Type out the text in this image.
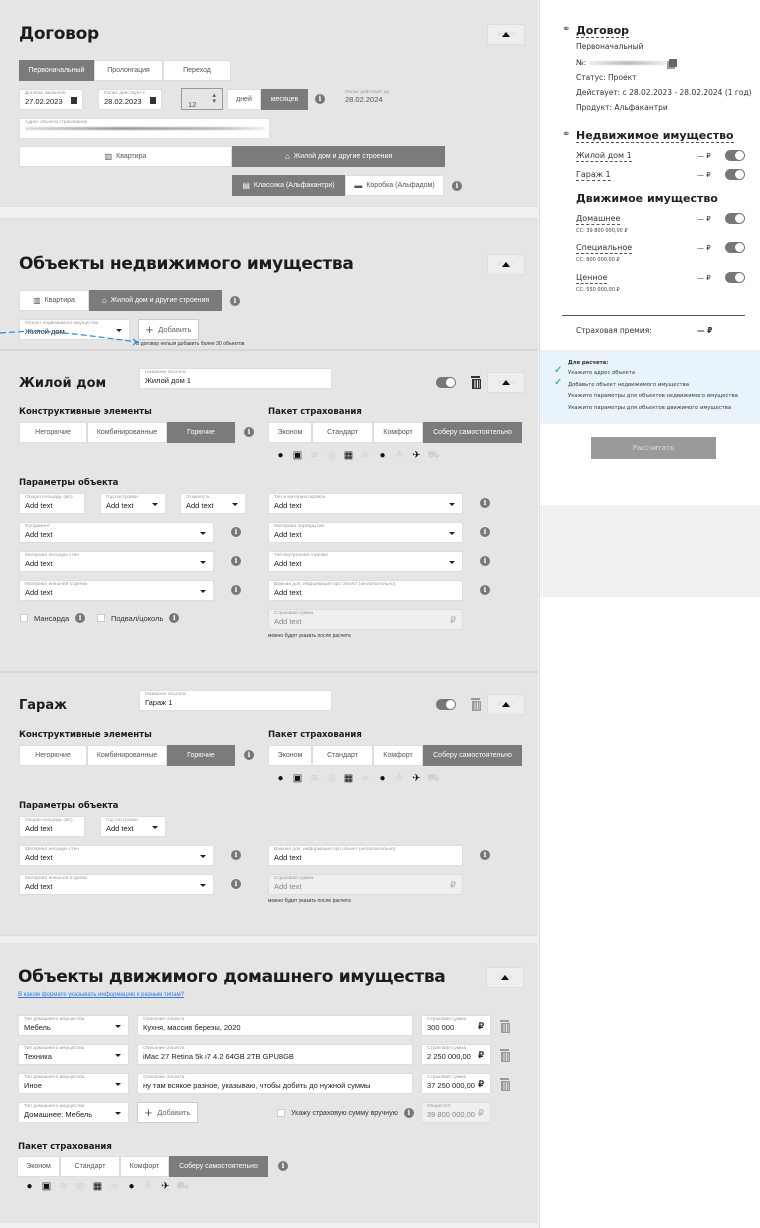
Договор	Button
Первоначальный	Пролонгация	Переход
Договор заключен
27.02.2023
Полис действует с
28.02.2023	12
▴
▾	дней	месяцев	i
Полис действует до
28.02.2024
Адрес объекта страхования
▥ Квартира	⌂ Жилой дом и другие строения
▤ Классика (Альфакантри) ▬ Коробка (Альфадом)	i
Объекты недвижимого имущества	Button
▥ Квартира	⌂ Жилой дом и другие строения	i
Объект недвижимого имущества
Жилой дом	+ Добавить
В договор нельзя добавить более 30 объектов
Жилой дом
Название объекта
Жилой дом 1	Button
Конструктивные элементы
Негорючие	Комбинированные	Горючие	i
Пакет страхования
Эконом	Стандарт	Комфорт	Соберу самостоятельно
● ▣ ≋ ◎ ▦ ∞	● ≛ ✈ ⛟
Параметры объекта
Общая площадь (м2)
Add text
Год постройки
Add text
Этажность
Add text
Фундамент
Add text	i
Материал несущих стен
Add text	i
Материал внешней отделки
Add text	i
Мансарда	i	Подвал/цоколь	i
Тип и материал кровли
Add text	i
Материал перекрытий
Add text	i
Тип внутренней отделки
Add text	i
Важная доп. информация про объект (необязательно)
Add text	i
Страховая сумма
Add text	₽
можно будет указать после расчета
Гараж
Название объекта
Гараж 1	Button
Конструктивные элементы
Негорючие	Комбинированные	Горючие	i
Пакет страхования
Эконом	Стандарт	Комфорт	Соберу самостоятельно
● ▣ ≋ ◎ ▦ ∞	● ≛ ✈ ⛟
Параметры объекта
Общая площадь (м2)
Add text
Год постройки
Add text
Материал несущих стен
Add text	i
Материал внешней отделки
Add text	i
Важная доп. информация про объект (необязательно)
Add text	i
Страховая сумма
Add text	₽
можно будет указать после расчета
Объекты движимого домашнего имущества
В каком формате указывать информацию к разным типам?
Button
Тип домашнего имущества
Мебель
Описание объекта
Кухня, массив березы, 2020
Страховая сумма
300 000	₽
Тип домашнего имущества
Техника
Описание объекта
iMac 27 Retina 5k i7 4.2 64GB 2TB GPU8GB
Страховая сумма
2 250 000,00 ₽
Тип домашнего имущества
Иное
Описание объекта
ну там всякое разное, указываю, чтобы добить до нужной суммы
Страховая сумма
37 250 000,00 ₽
Тип домашнего имущества
Домашнее: Мебель	+ Добавить	Укажу страховую сумму вручную	i
Общая СС
39 800 000,00 ₽
Пакет страхования
Эконом	Стандарт	Комфорт	Соберу самостоятельно	i
● ▣ ≋ ◎ ▦ ∞	● ≛ ✈ ⛟
⚭ Договор
Первоначальный
№:
Статус: Проект
Действует: с 28.02.2023 - 28.02.2024 (1 год)
Продукт: Альфакантри
⚭ Недвижимое имущество
Жилой дом 1	— ₽
Гараж 1	— ₽
Движимое имущество
Домашнее
СС: 39 800 000,00 ₽
— ₽
Специальное
СС: 800 000,00 ₽
— ₽
Ценное
СС: 550 000,00 ₽
— ₽
Страховая премия:	— ₽
Для расчета:
✓ Укажите адрес объекта
✓ Добавьте объект недвижимого имущества
Укажите параметры для объектов недвижимого имущества
Укажите параметры для объектов движимого имущества
Рассчитать
